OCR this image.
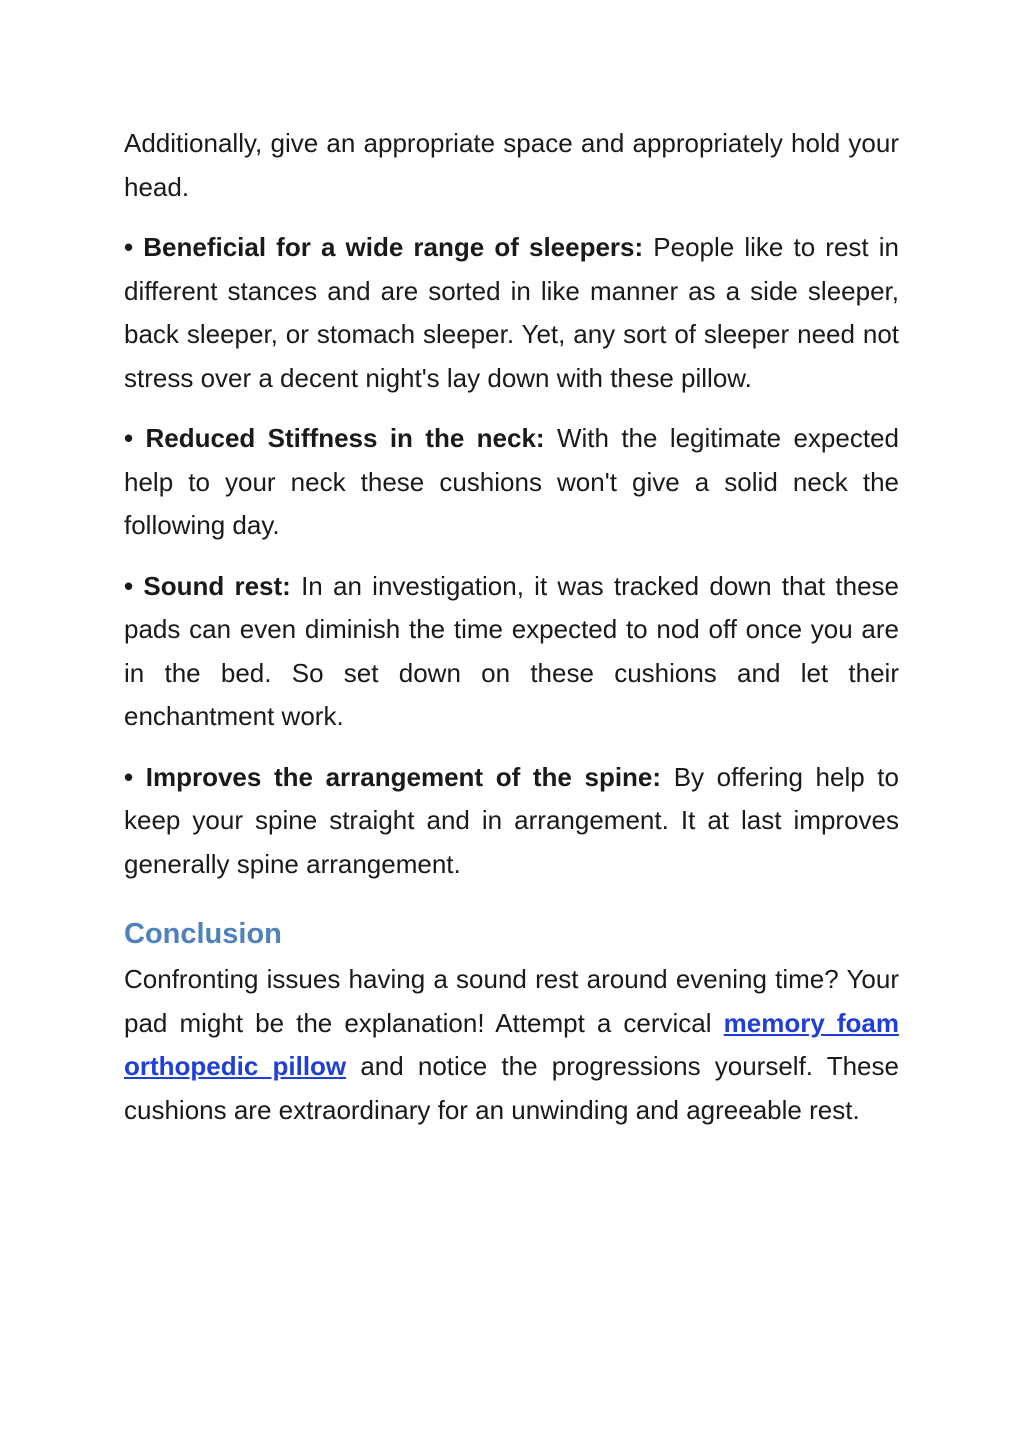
Additionally, give an appropriate space and appropriately hold your head.

• Beneficial for a wide range of sleepers: People like to rest in different stances and are sorted in like manner as a side sleeper, back sleeper, or stomach sleeper. Yet, any sort of sleeper need not stress over a decent night's lay down with these pillow.

• Reduced Stiffness in the neck: With the legitimate expected help to your neck these cushions won't give a solid neck the following day.

• Sound rest: In an investigation, it was tracked down that these pads can even diminish the time expected to nod off once you are in the bed. So set down on these cushions and let their enchantment work.

• Improves the arrangement of the spine: By offering help to keep your spine straight and in arrangement. It at last improves generally spine arrangement.

Conclusion

Confronting issues having a sound rest around evening time? Your pad might be the explanation! Attempt a cervical memory foam orthopedic pillow and notice the progressions yourself. These cushions are extraordinary for an unwinding and agreeable rest.
